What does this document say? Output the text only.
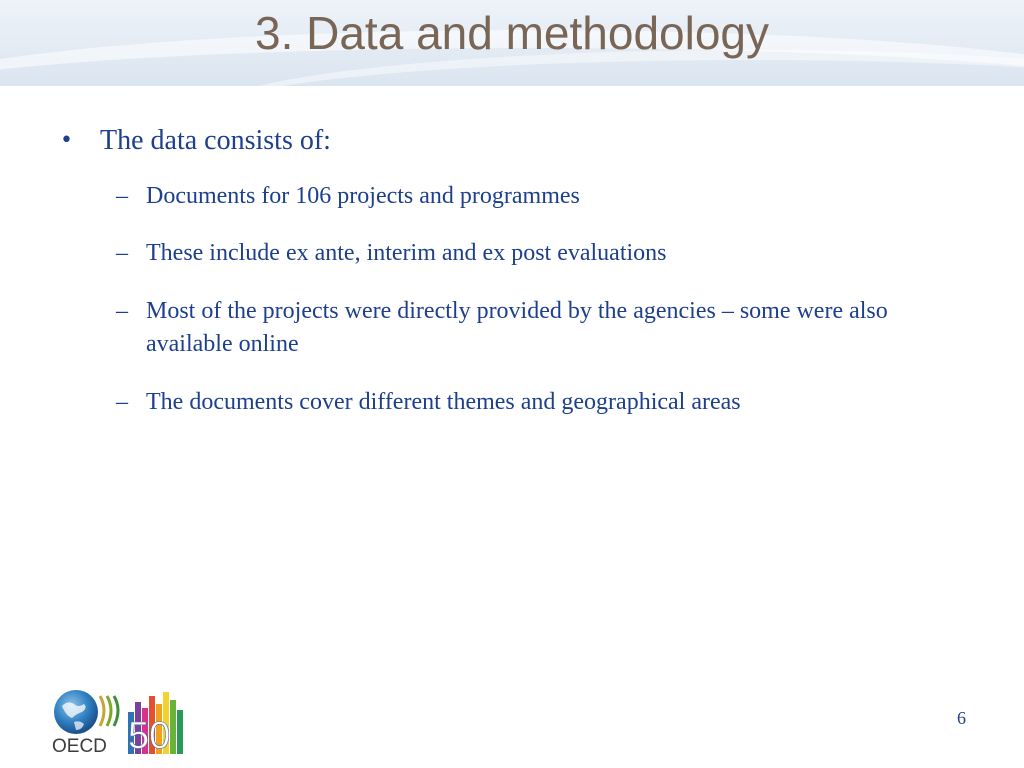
3. Data and methodology
• The data consists of:
– Documents for 106 projects and programmes
– These include ex ante, interim and ex post evaluations
– Most of the projects were directly provided by the agencies – some were also available online
– The documents cover different themes and geographical areas
OECD 50	6
